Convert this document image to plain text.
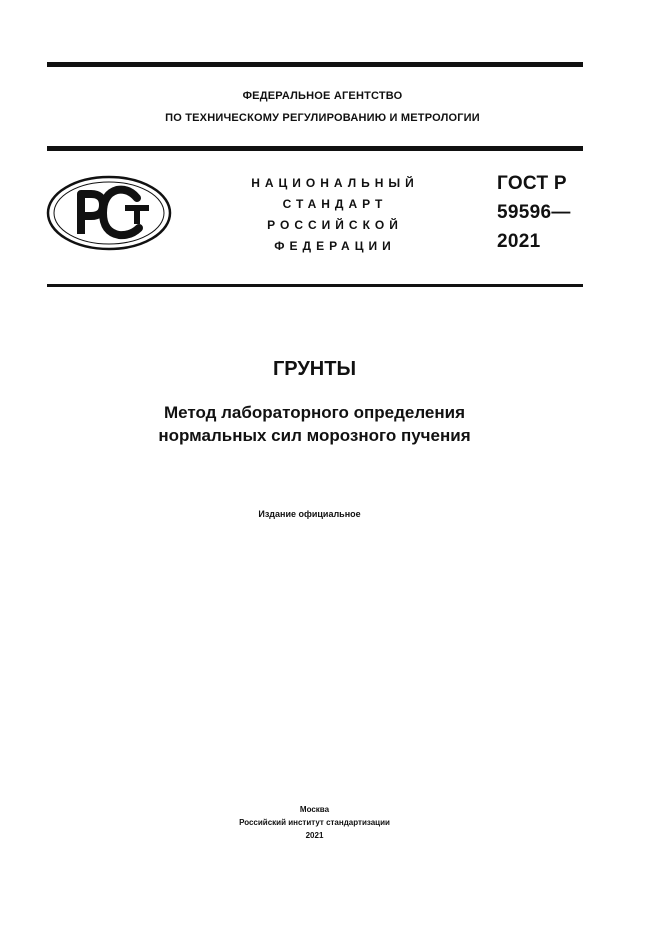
ФЕДЕРАЛЬНОЕ АГЕНТСТВО
ПО ТЕХНИЧЕСКОМУ РЕГУЛИРОВАНИЮ И МЕТРОЛОГИИ
НАЦИОНАЛЬНЫЙ
СТАНДАРТ
РОССИЙСКОЙ
ФЕДЕРАЦИИ
ГОСТ Р
59596—
2021
ГРУНТЫ
Метод лабораторного определения
нормальных сил морозного пучения
Издание официальное
Москва
Российский институт стандартизации
2021
